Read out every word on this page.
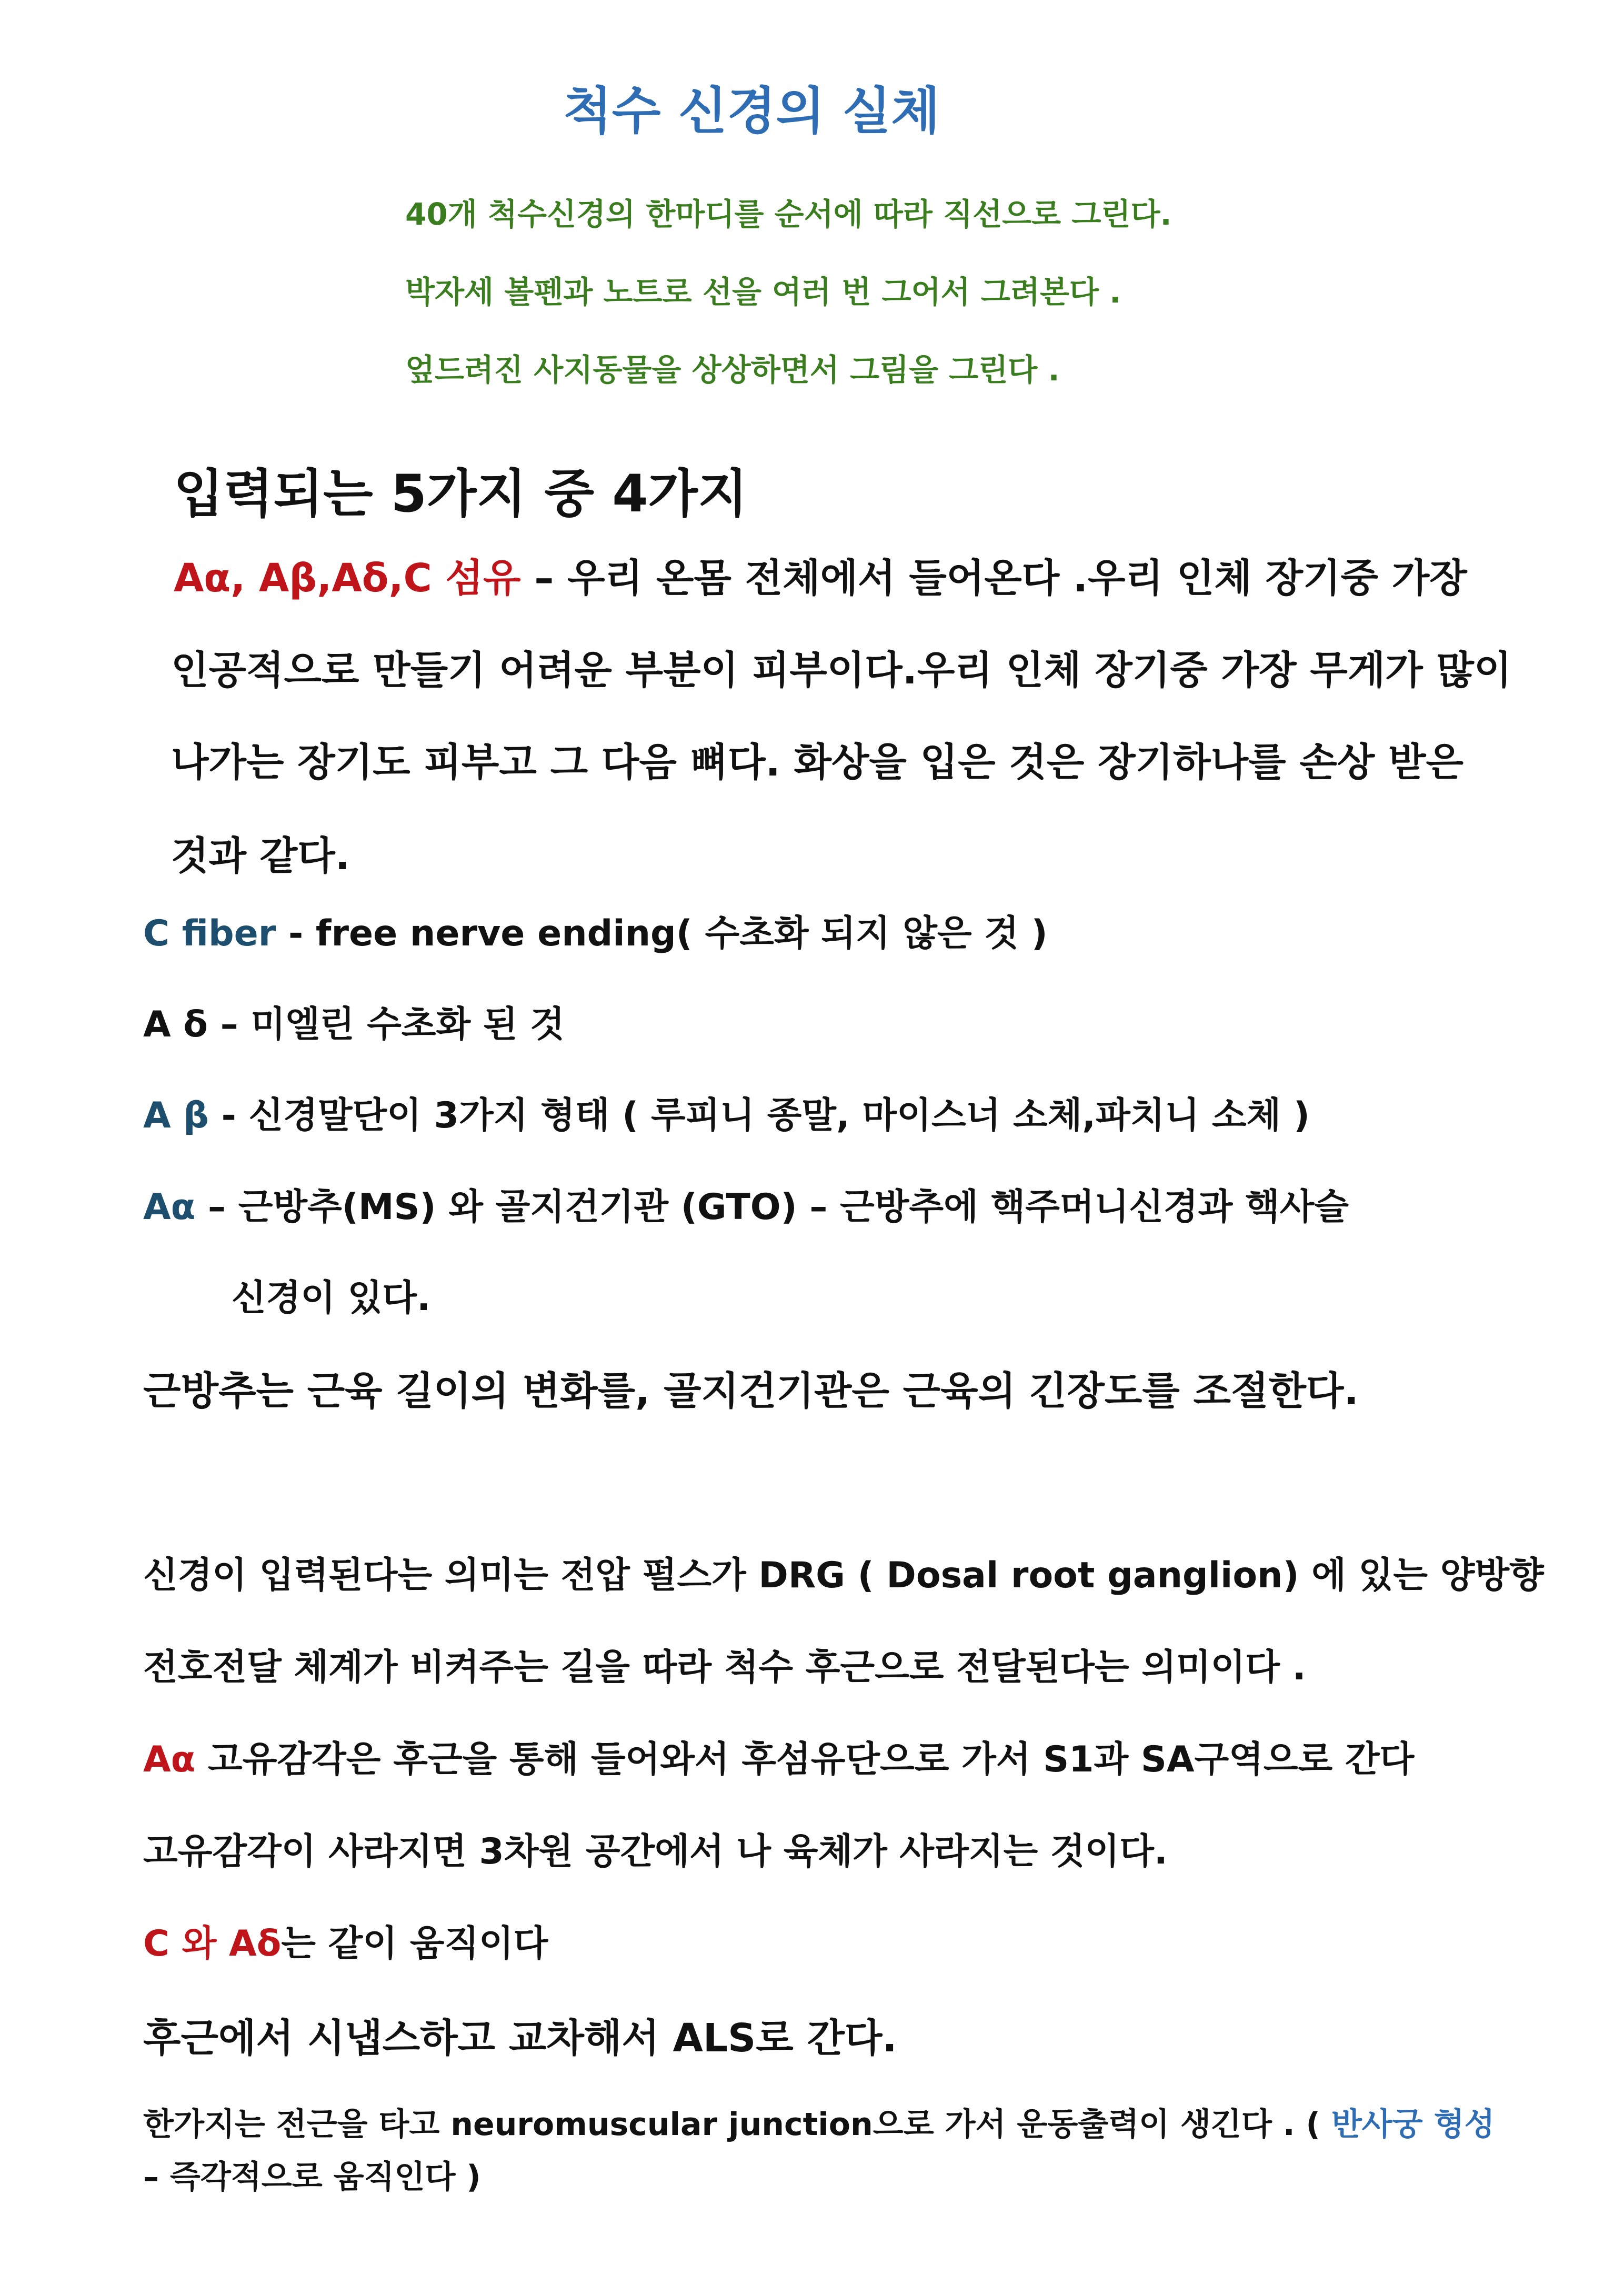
척수 신경의 실체
40개 척수신경의 한마디를 순서에 따라 직선으로 그린다.
박자세 볼펜과 노트로 선을 여러 번 그어서 그려본다 .
엎드려진 사지동물을 상상하면서 그림을 그린다 .
입력되는 5가지 중 4가지
Aα, Aβ,Aδ,C 섬유 – 우리 온몸 전체에서 들어온다 .우리 인체 장기중 가장
인공적으로 만들기 어려운 부분이 피부이다.우리 인체 장기중 가장 무게가 많이
나가는 장기도 피부고 그 다음 뼈다. 화상을 입은 것은 장기하나를 손상 받은
것과 같다.
C fiber - free nerve ending( 수초화 되지 않은 것 )
A δ – 미엘린 수초화 된 것
A β - 신경말단이 3가지 형태 ( 루피니 종말, 마이스너 소체,파치니 소체 )
Aα – 근방추(MS) 와 골지건기관 (GTO) – 근방추에 핵주머니신경과 핵사슬
신경이 있다.
근방추는 근육 길이의 변화를, 골지건기관은 근육의 긴장도를 조절한다.
신경이 입력된다는 의미는 전압 펄스가 DRG ( Dosal root ganglion) 에 있는 양방향
전호전달 체계가 비켜주는 길을 따라 척수 후근으로 전달된다는 의미이다 .
Aα 고유감각은 후근을 통해 들어와서 후섬유단으로 가서 S1과 SA구역으로 간다
고유감각이 사라지면 3차원 공간에서 나 육체가 사라지는 것이다.
C 와 Aδ는 같이 움직이다
후근에서 시냅스하고 교차해서 ALS로 간다.
한가지는 전근을 타고 neuromuscular junction으로 가서 운동출력이 생긴다 . ( 반사궁 형성
– 즉각적으로 움직인다 )
